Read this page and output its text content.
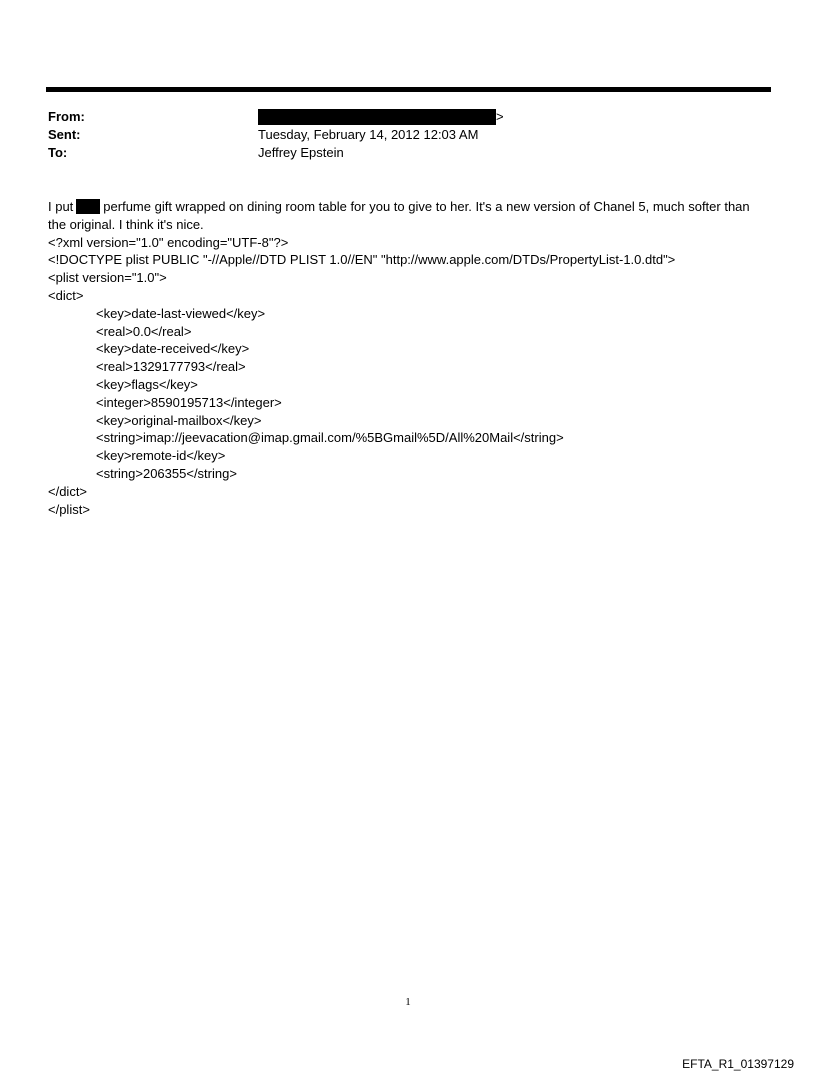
From:	>
Sent:	Tuesday, February 14, 2012 12:03 AM
To:	Jeffrey Epstein

I put perfume gift wrapped on dining room table for you to give to her. It's a new version of Chanel 5, much softer than the original. I think it's nice.

<?xml version="1.0" encoding="UTF-8"?>
<!DOCTYPE plist PUBLIC "-//Apple//DTD PLIST 1.0//EN" "http://www.apple.com/DTDs/PropertyList-1.0.dtd">
<plist version="1.0">
<dict>
<key>date-last-viewed</key>
<real>0.0</real>
<key>date-received</key>
<real>1329177793</real>
<key>flags</key>
<integer>8590195713</integer>
<key>original-mailbox</key>
<string>imap://jeevacation@imap.gmail.com/%5BGmail%5D/All%20Mail</string>
<key>remote-id</key>
<string>206355</string>
</dict>
</plist>
1
EFTA_R1_01397129
